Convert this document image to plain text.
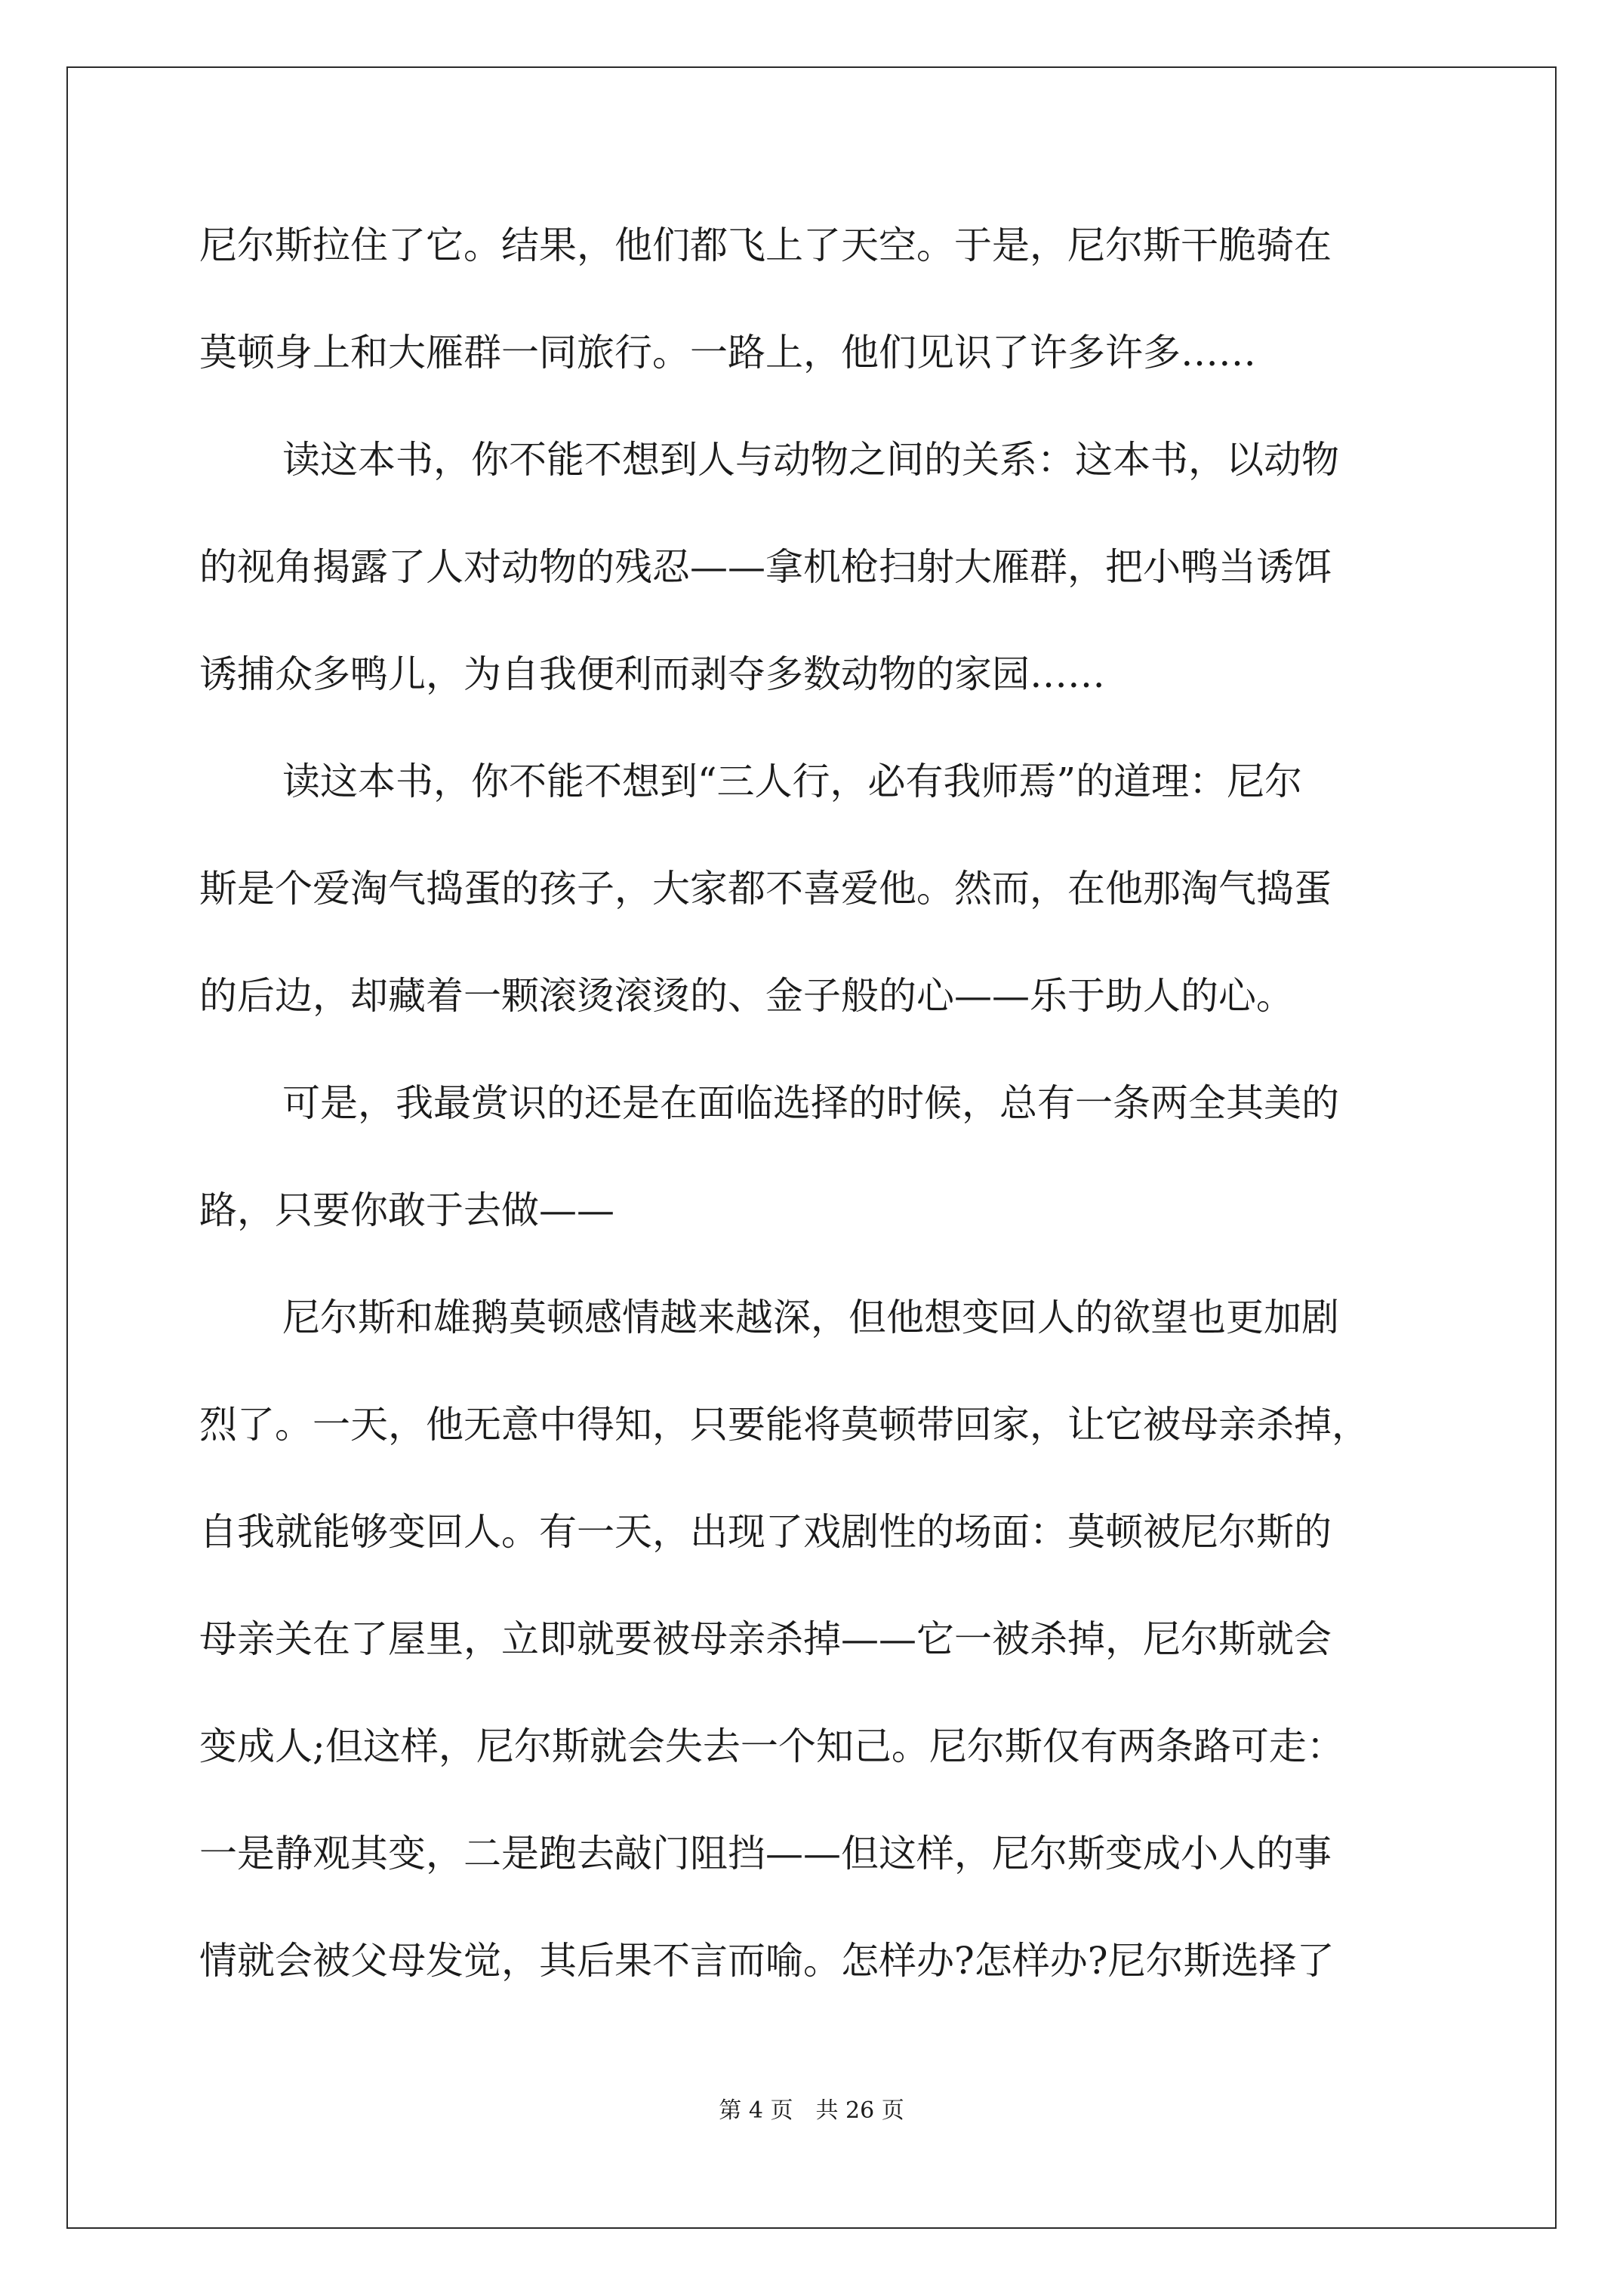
尼尔斯拉住了它。结果，他们都飞上了天空。于是，尼尔斯干脆骑在
莫顿身上和大雁群一同旅行。一路上，他们见识了许多许多……
读这本书，你不能不想到人与动物之间的关系：这本书，以动物
的视角揭露了人对动物的残忍——拿机枪扫射大雁群，把小鸭当诱饵
诱捕众多鸭儿，为自我便利而剥夺多数动物的家园……
读这本书，你不能不想到“三人行，必有我师焉”的道理：尼尔
斯是个爱淘气捣蛋的孩子，大家都不喜爱他。然而，在他那淘气捣蛋
的后边，却藏着一颗滚烫滚烫的、金子般的心——乐于助人的心。
可是，我最赏识的还是在面临选择的时候，总有一条两全其美的
路，只要你敢于去做——
尼尔斯和雄鹅莫顿感情越来越深，但他想变回人的欲望也更加剧
烈了。一天，他无意中得知，只要能将莫顿带回家，让它被母亲杀掉，
自我就能够变回人。有一天，出现了戏剧性的场面：莫顿被尼尔斯的
母亲关在了屋里，立即就要被母亲杀掉——它一被杀掉，尼尔斯就会
变成人;但这样，尼尔斯就会失去一个知己。尼尔斯仅有两条路可走：
一是静观其变，二是跑去敲门阻挡——但这样，尼尔斯变成小人的事
情就会被父母发觉，其后果不言而喻。怎样办?怎样办?尼尔斯选择了
第 4 页　共 26 页
